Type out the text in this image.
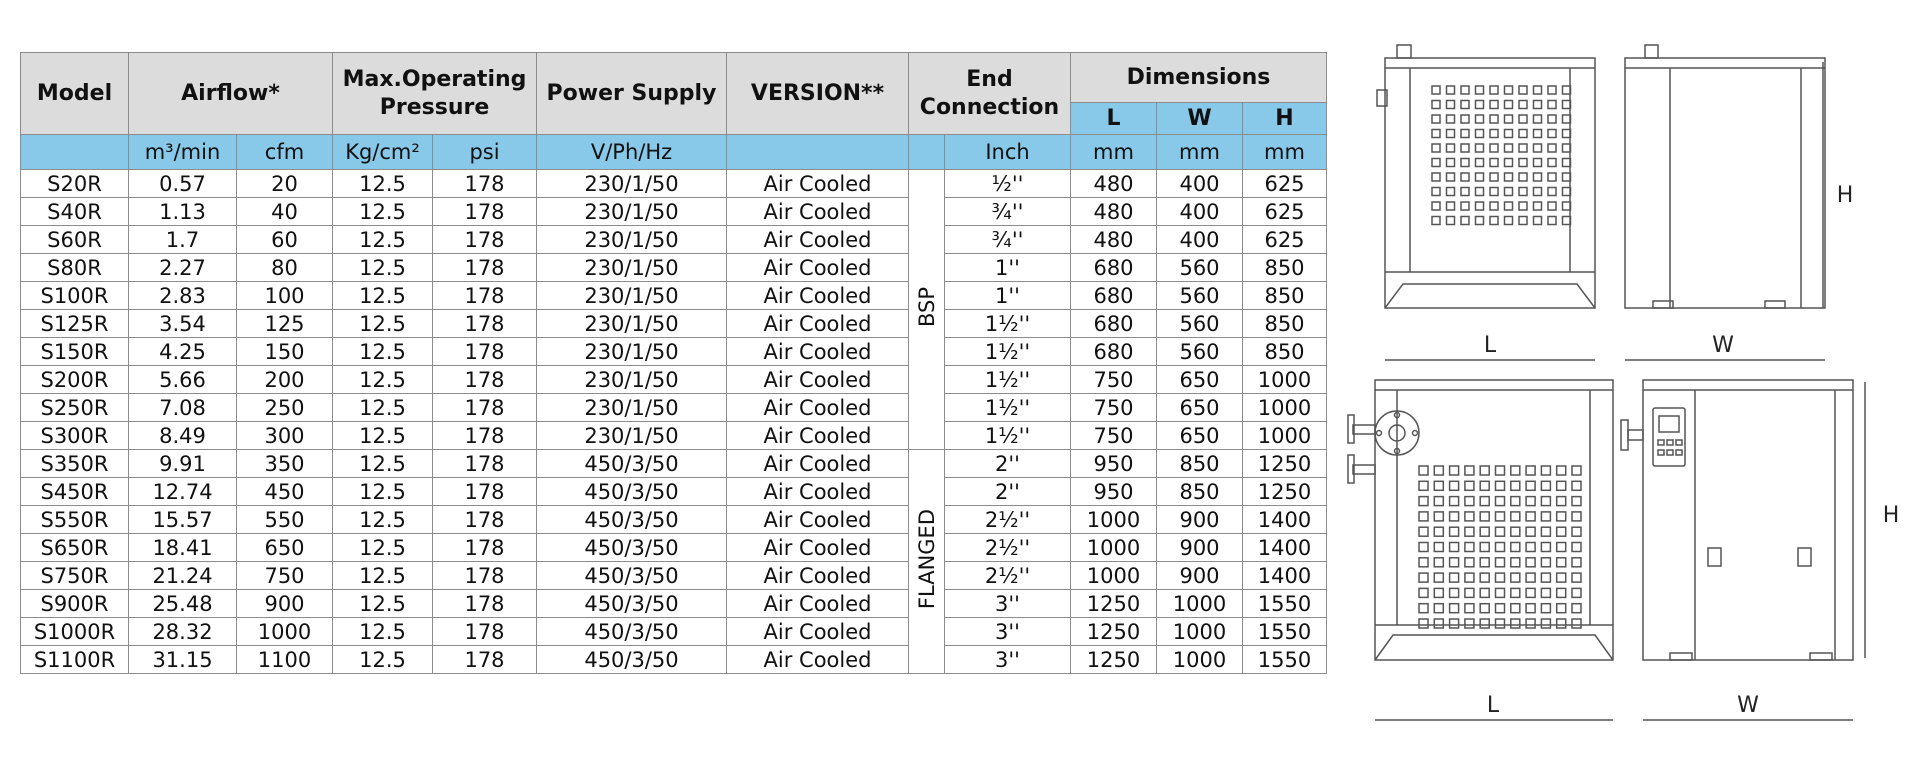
Model	Airflow*		Max.Operating
Pressure		Power Supply	VERSION**	End
Connection		Dimensions		
									L	W	H
	m³/min	cfm	Kg/cm²	psi	V/Ph/Hz			Inch	mm	mm	mm
S20R	0.57	20	12.5	178	230/1/50	Air Cooled	BSP	½''	480	400	625
S40R	1.13	40	12.5	178	230/1/50	Air Cooled		¾''	480	400	625
S60R	1.7	60	12.5	178	230/1/50	Air Cooled		¾''	480	400	625
S80R	2.27	80	12.5	178	230/1/50	Air Cooled		1''	680	560	850
S100R	2.83	100	12.5	178	230/1/50	Air Cooled		1''	680	560	850
S125R	3.54	125	12.5	178	230/1/50	Air Cooled		1½''	680	560	850
S150R	4.25	150	12.5	178	230/1/50	Air Cooled		1½''	680	560	850
S200R	5.66	200	12.5	178	230/1/50	Air Cooled		1½''	750	650	1000
S250R	7.08	250	12.5	178	230/1/50	Air Cooled		1½''	750	650	1000
S300R	8.49	300	12.5	178	230/1/50	Air Cooled		1½''	750	650	1000
S350R	9.91	350	12.5	178	450/3/50	Air Cooled	FLANGED	2''	950	850	1250
S450R	12.74	450	12.5	178	450/3/50	Air Cooled		2''	950	850	1250
S550R	15.57	550	12.5	178	450/3/50	Air Cooled		2½''	1000	900	1400
S650R	18.41	650	12.5	178	450/3/50	Air Cooled		2½''	1000	900	1400
S750R	21.24	750	12.5	178	450/3/50	Air Cooled		2½''	1000	900	1400
S900R	25.48	900	12.5	178	450/3/50	Air Cooled		3''	1250	1000	1550
S1000R	28.32	1000	12.5	178	450/3/50	Air Cooled		3''	1250	1000	1550
S1100R	31.15	1100	12.5	178	450/3/50	Air Cooled		3''	1250	1000	1550
L	W
H
L	W
H
